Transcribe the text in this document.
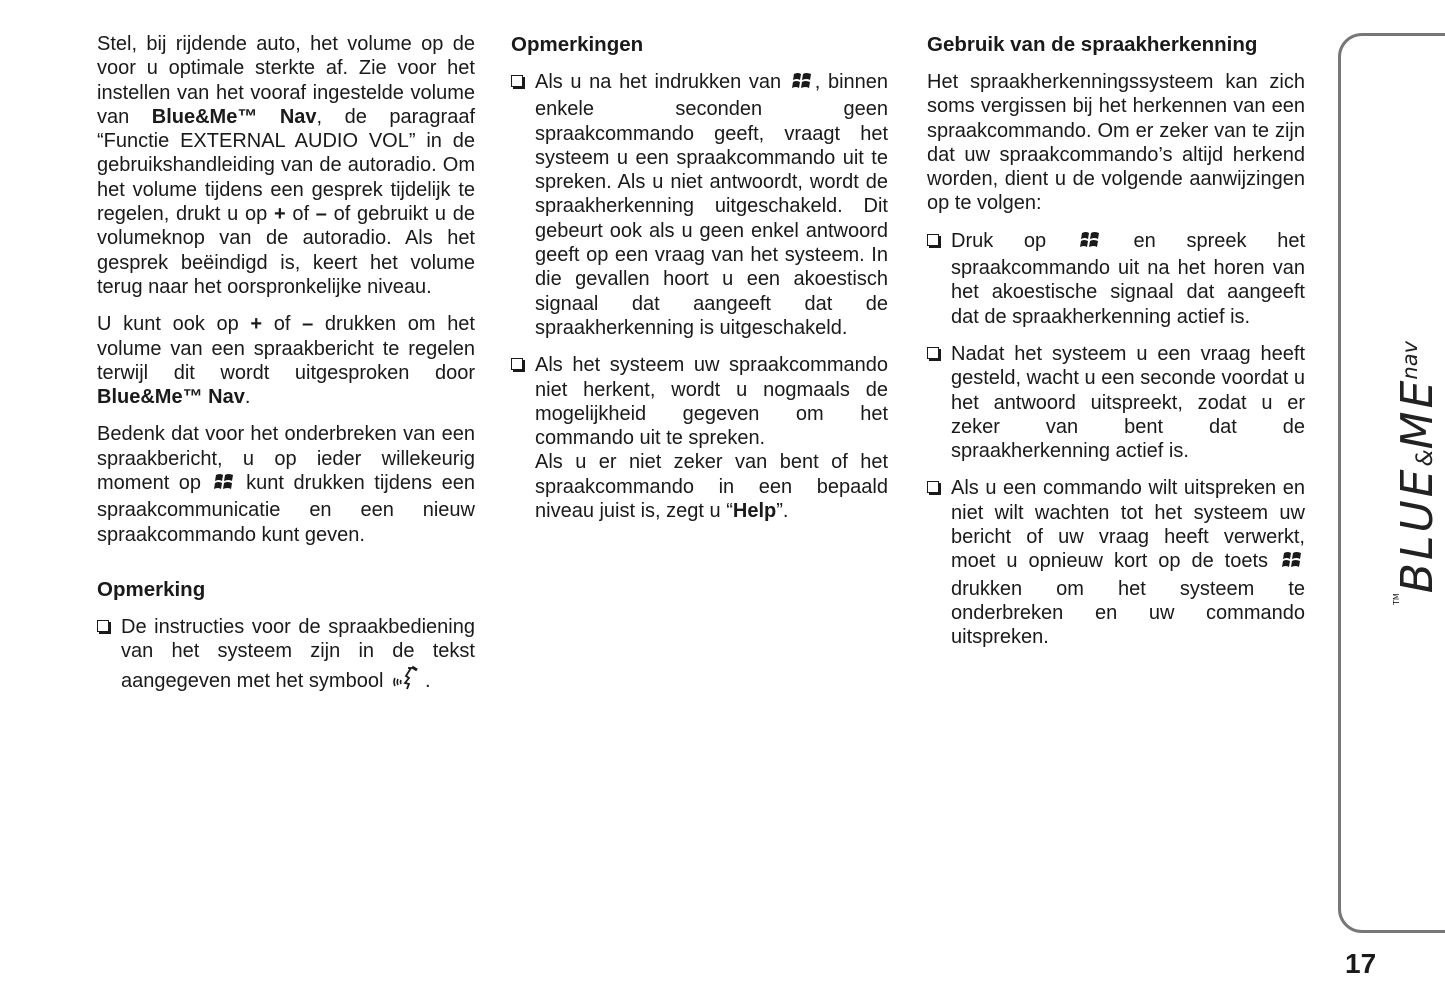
Stel, bij rijdende auto, het volume op de voor u optimale sterkte af. Zie voor het instellen van het vooraf ingestelde volume van Blue&Me™ Nav, de paragraaf “Functie EXTERNAL AUDIO VOL” in de gebruikshandleiding van de autoradio. Om het volume tijdens een gesprek tijdelijk te regelen, drukt u op + of – of gebruikt u de volumeknop van de autoradio. Als het gesprek beëindigd is, keert het volume terug naar het oorspronkelijke niveau.

U kunt ook op + of – drukken om het volume van een spraakbericht te regelen terwijl dit wordt uitgesproken door Blue&Me™ Nav.

Bedenk dat voor het onderbreken van een spraakbericht, u op ieder willekeurig moment op  kunt drukken tijdens een spraakcommunicatie en een nieuw spraakcommando kunt geven.

Opmerking

De instructies voor de spraakbediening van het systeem zijn in de tekst aangegeven met het symbool .

Opmerkingen

Als u na het indrukken van , binnen enkele seconden geen spraakcommando geeft, vraagt het systeem u een spraakcommando uit te spreken. Als u niet antwoordt, wordt de spraakherkenning uitgeschakeld. Dit gebeurt ook als u geen enkel antwoord geeft op een vraag van het systeem. In die gevallen hoort u een akoestisch signaal dat aangeeft dat de spraakherkenning is uitgeschakeld.

Als het systeem uw spraakcommando niet herkent, wordt u nogmaals de mogelijkheid gegeven om het commando uit te spreken.

Als u er niet zeker van bent of het spraakcommando in een bepaald niveau juist is, zegt u “Help”.

Gebruik van de spraakherkenning

Het spraakherkenningssysteem kan zich soms vergissen bij het herkennen van een spraakcommando. Om er zeker van te zijn dat uw spraakcommando’s altijd herkend worden, dient u de volgende aanwijzingen op te volgen:

Druk op  en spreek het spraakcommando uit na het horen van het akoestische signaal dat aangeeft dat de spraakherkenning actief is.

Nadat het systeem u een vraag heeft gesteld, wacht u een seconde voordat u het antwoord uitspreekt, zodat u er zeker van bent dat de spraakherkenning actief is.

Als u een commando wilt uitspreken en niet wilt wachten tot het systeem uw bericht of uw vraag heeft verwerkt, moet u opnieuw kort op de toets  drukken om het systeem te onderbreken en uw commando uitspreken.

™BLUE&MEnav
17
